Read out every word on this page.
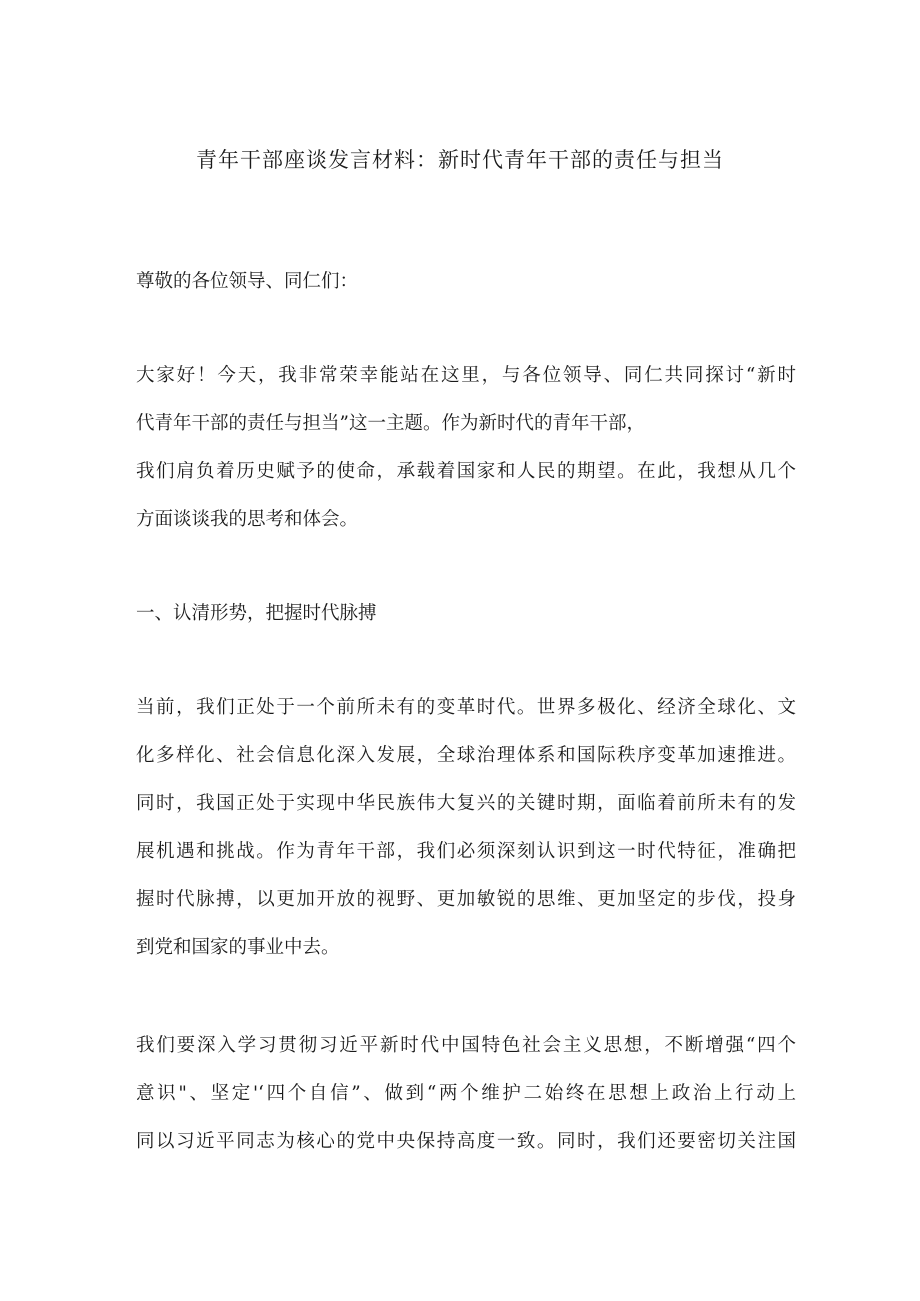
青年干部座谈发言材料：新时代青年干部的责任与担当

尊敬的各位领导、同仁们：

大家好！今天，我非常荣幸能站在这里，与各位领导、同仁共同探讨“新时
代青年干部的责任与担当”这一主题。作为新时代的青年干部，
我们肩负着历史赋予的使命，承载着国家和人民的期望。在此，我想从几个
方面谈谈我的思考和体会。

一、认清形势，把握时代脉搏

当前，我们正处于一个前所未有的变革时代。世界多极化、经济全球化、文
化多样化、社会信息化深入发展，全球治理体系和国际秩序变革加速推进。
同时，我国正处于实现中华民族伟大复兴的关键时期，面临着前所未有的发
展机遇和挑战。作为青年干部，我们必须深刻认识到这一时代特征，准确把
握时代脉搏，以更加开放的视野、更加敏锐的思维、更加坚定的步伐，投身
到党和国家的事业中去。

我们要深入学习贯彻习近平新时代中国特色社会主义思想，不断增强“四个
意识"、坚定'‘四个自信”、做到“两个维护二始终在思想上政治上行动上
同以习近平同志为核心的党中央保持高度一致。同时，我们还要密切关注国
